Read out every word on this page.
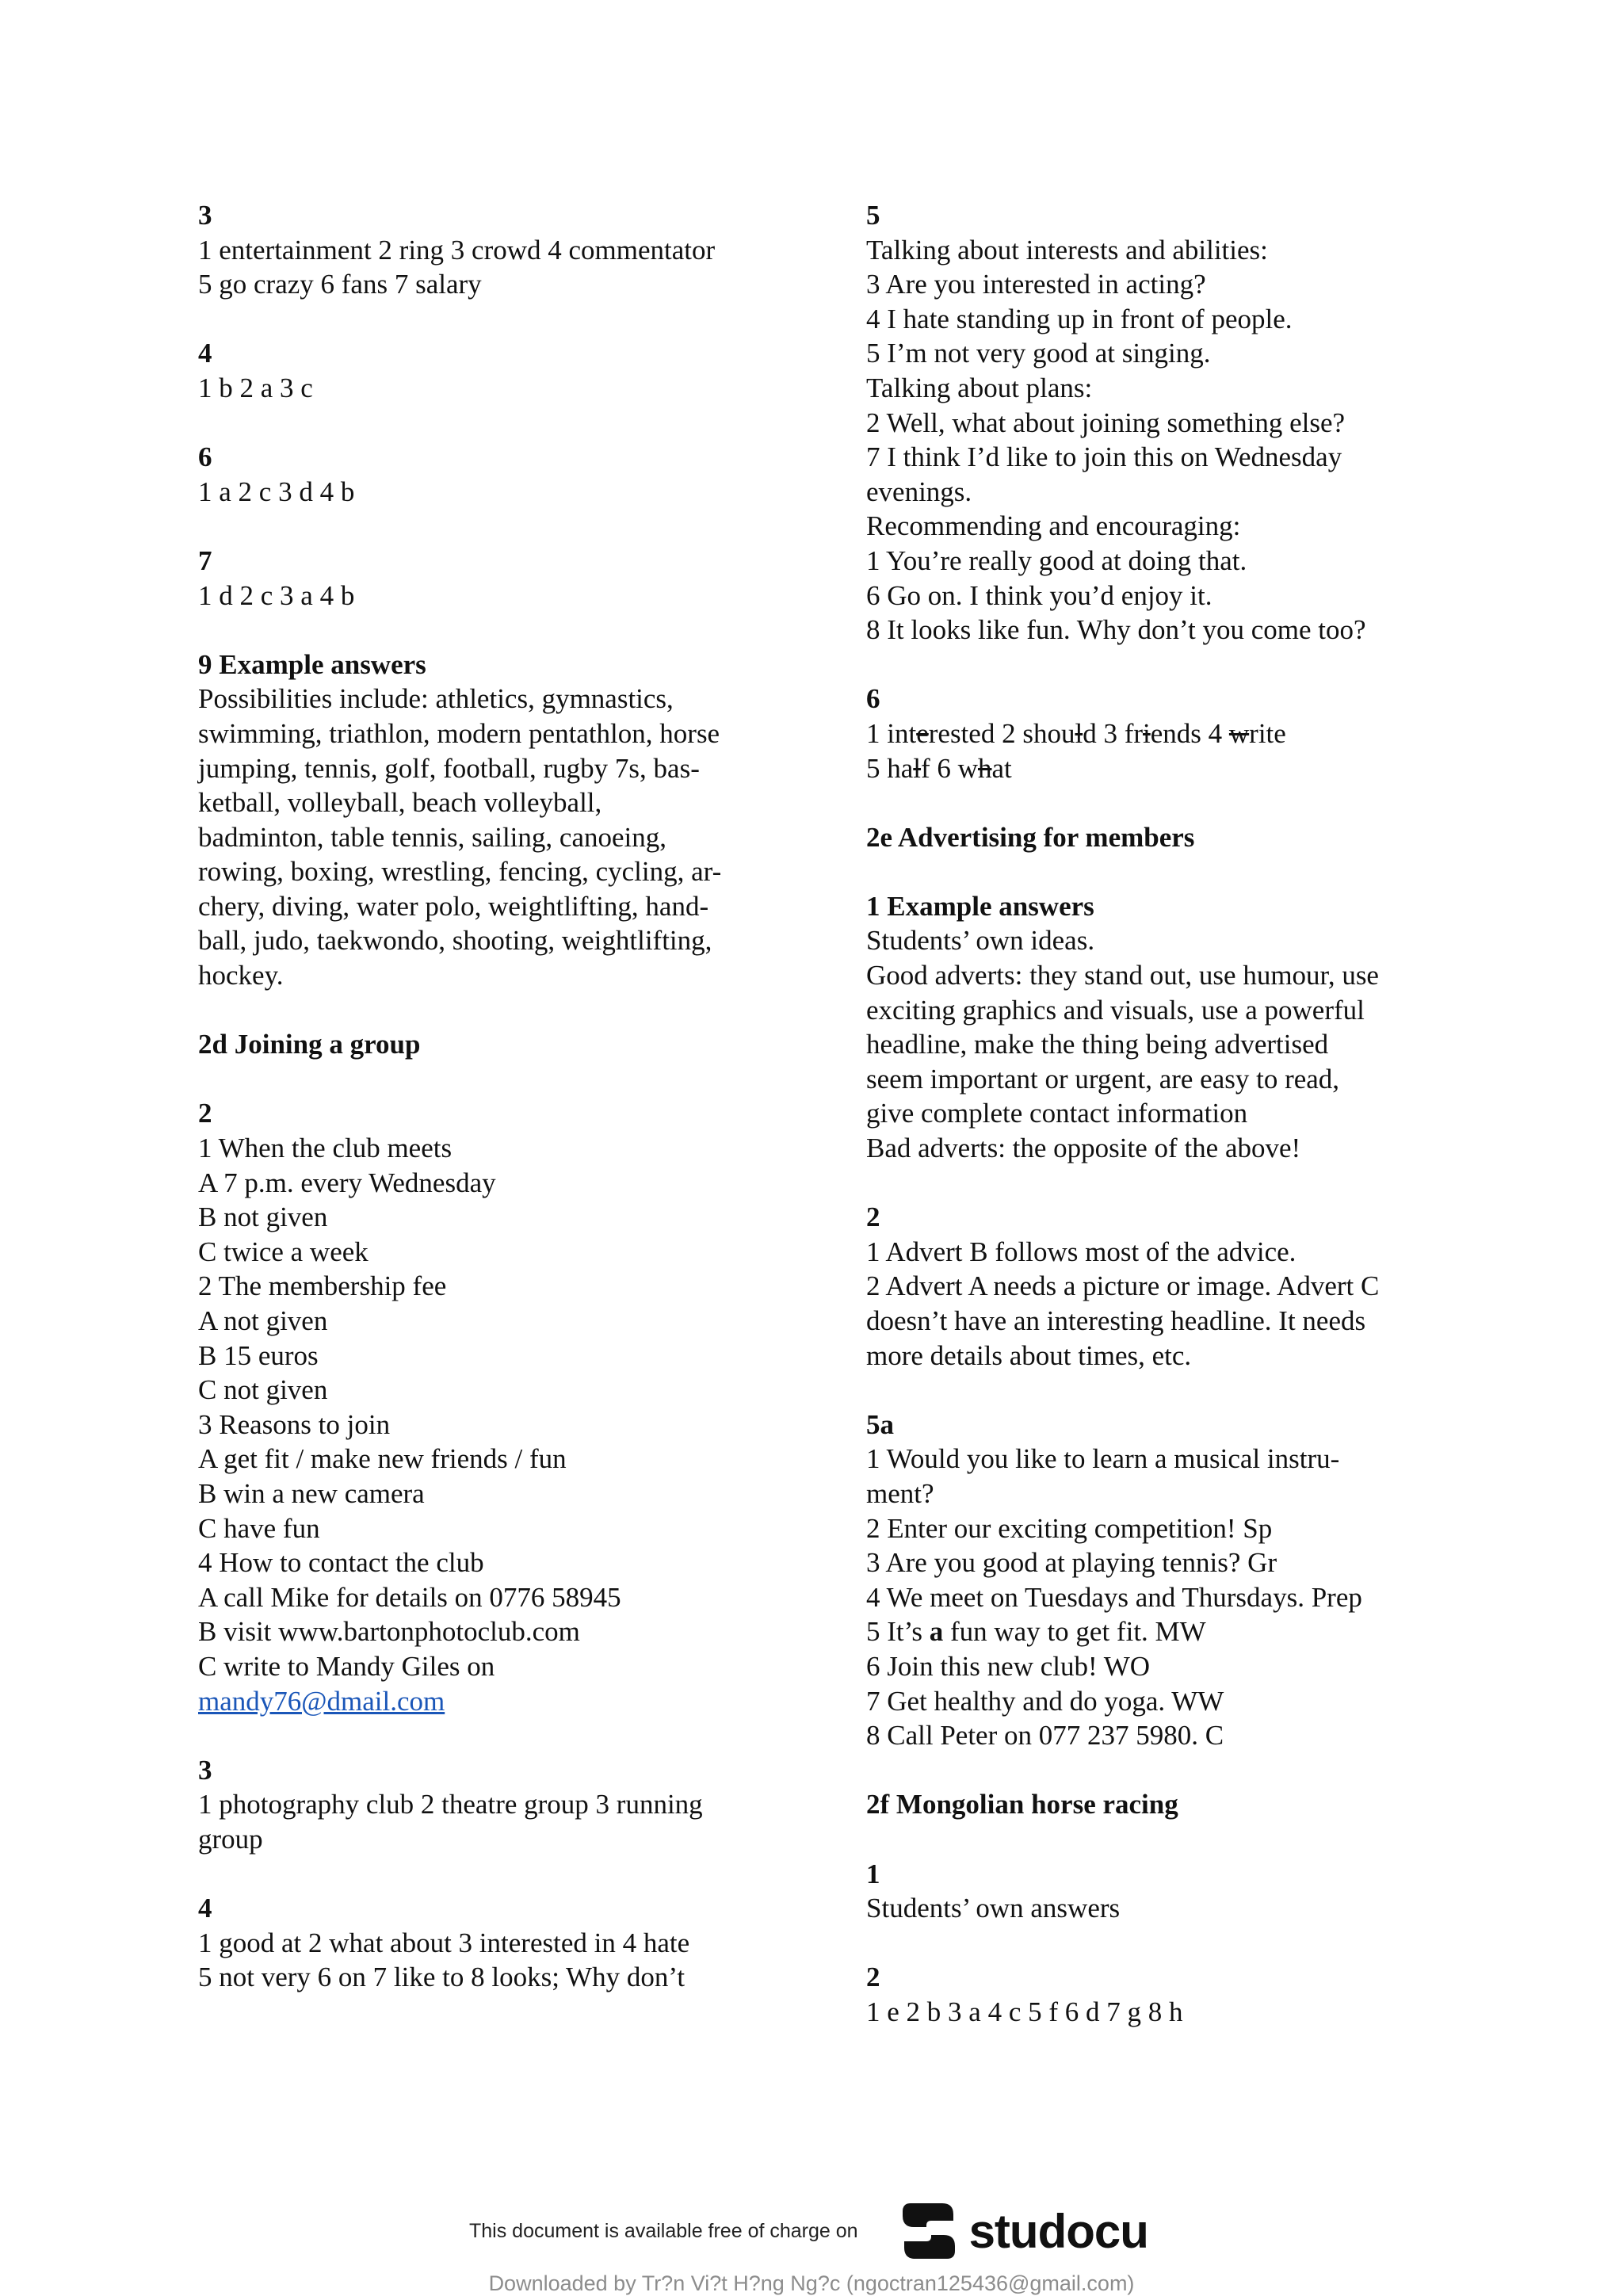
3
1 entertainment 2 ring 3 crowd 4 commentator
5 go crazy 6 fans 7 salary
4
1 b 2 a 3 c
6
1 a 2 c 3 d 4 b
7
1 d 2 c 3 a 4 b
9 Example answers
Possibilities include: athletics, gymnastics,
swimming, triathlon, modern pentathlon, horse
jumping, tennis, golf, football, rugby 7s, bas-
ketball, volleyball, beach volleyball,
badminton, table tennis, sailing, canoeing,
rowing, boxing, wrestling, fencing, cycling, ar-
chery, diving, water polo, weightlifting, hand-
ball, judo, taekwondo, shooting, weightlifting,
hockey.
2d Joining a group
2
1 When the club meets
A 7 p.m. every Wednesday
B not given
C twice a week
2 The membership fee
A not given
B 15 euros
C not given
3 Reasons to join
A get fit / make new friends / fun
B win a new camera
C have fun
4 How to contact the club
A call Mike for details on 0776 58945
B visit www.bartonphotoclub.com
C write to Mandy Giles on
mandy76@dmail.com
3
1 photography club 2 theatre group 3 running
group
4
1 good at 2 what about 3 interested in 4 hate
5 not very 6 on 7 like to 8 looks; Why don’t
5
Talking about interests and abilities:
3 Are you interested in acting?
4 I hate standing up in front of people.
5 I’m not very good at singing.
Talking about plans:
2 Well, what about joining something else?
7 I think I’d like to join this on Wednesday
evenings.
Recommending and encouraging:
1 You’re really good at doing that.
6 Go on. I think you’d enjoy it.
8 It looks like fun. Why don’t you come too?
6
1 interested 2 should 3 friends 4 write
5 half 6 what
2e Advertising for members
1 Example answers
Students’ own ideas.
Good adverts: they stand out, use humour, use
exciting graphics and visuals, use a powerful
headline, make the thing being advertised
seem important or urgent, are easy to read,
give complete contact information
Bad adverts: the opposite of the above!
2
1 Advert B follows most of the advice.
2 Advert A needs a picture or image. Advert C
doesn’t have an interesting headline. It needs
more details about times, etc.
5a
1 Would you like to learn a musical instru-
ment?
2 Enter our exciting competition! Sp
3 Are you good at playing tennis? Gr
4 We meet on Tuesdays and Thursdays. Prep
5 It’s a fun way to get fit. MW
6 Join this new club! WO
7 Get healthy and do yoga. WW
8 Call Peter on 077 237 5980. C
2f Mongolian horse racing
1
Students’ own answers
2
1 e 2 b 3 a 4 c 5 f 6 d 7 g 8 h
This document is available free of charge on studocu
Downloaded by Tr?n Vi?t H?ng Ng?c (ngoctran125436@gmail.com)
